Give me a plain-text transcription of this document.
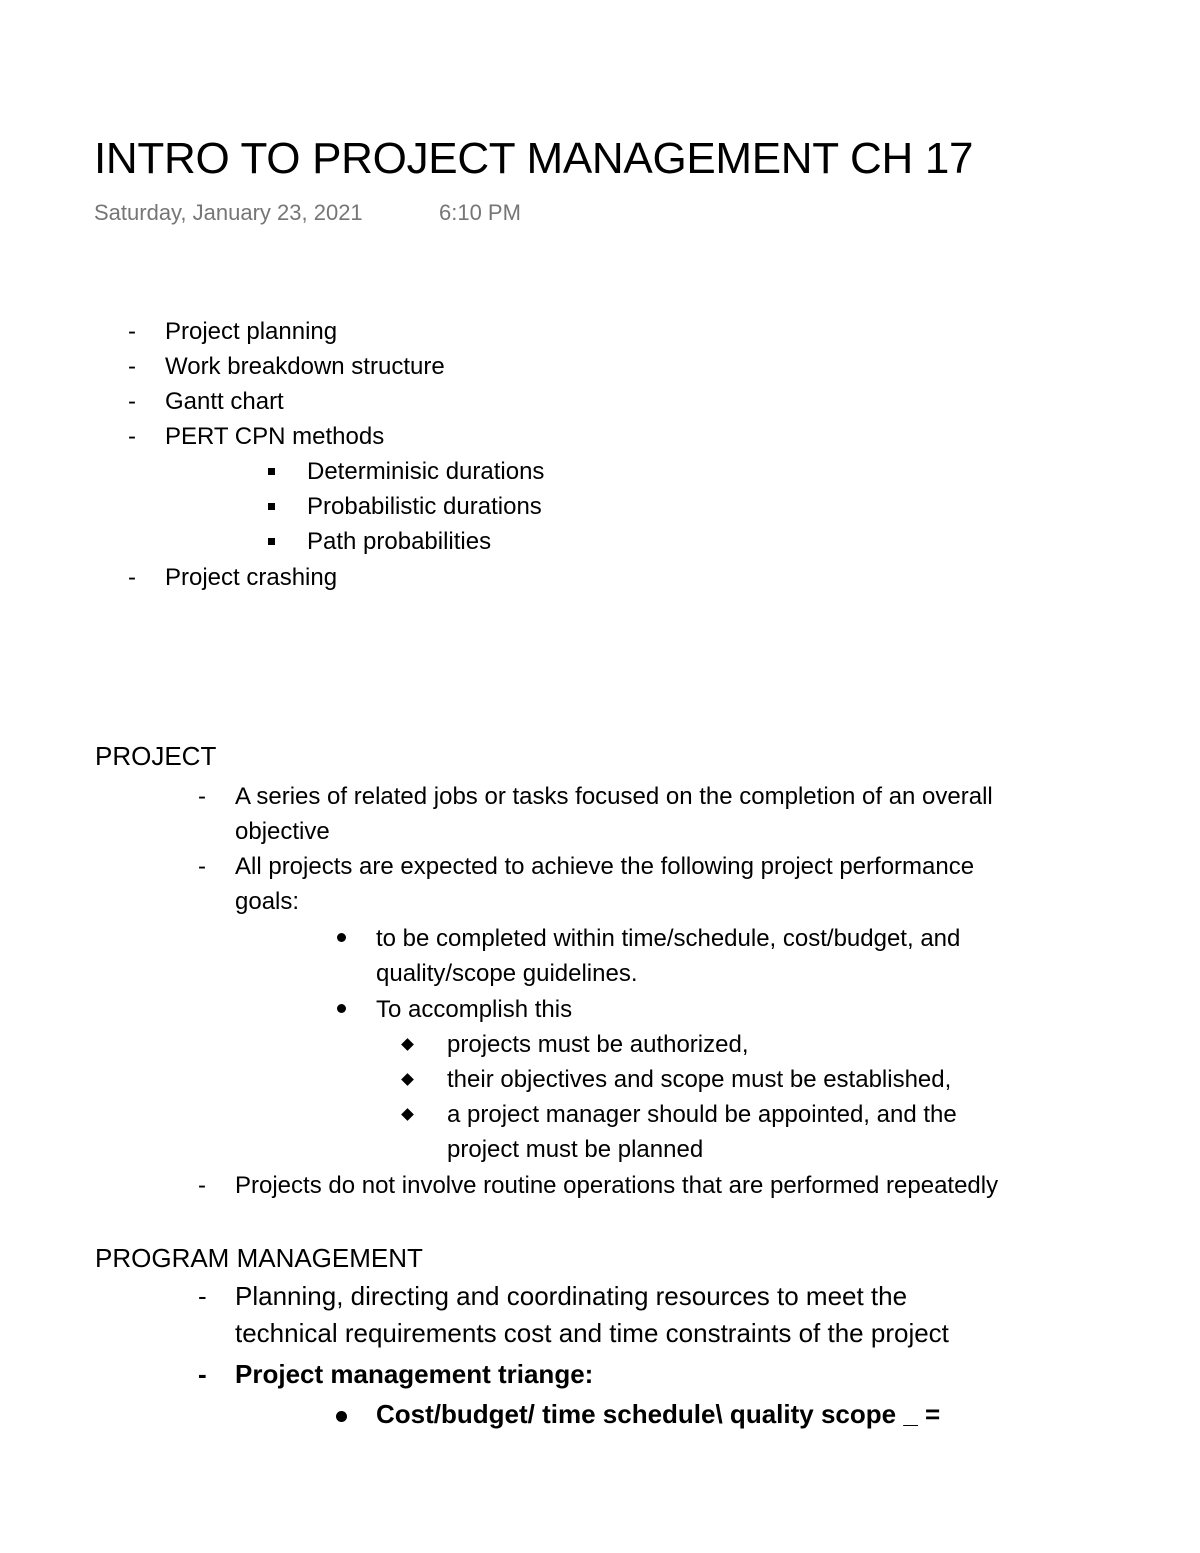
INTRO TO PROJECT MANAGEMENT CH 17
Saturday, January 23, 2021	6:10 PM
- Project planning
- Work breakdown structure
- Gantt chart
- PERT CPN methods
Determinisic durations
Probabilistic durations
Path probabilities
- Project crashing
PROJECT
- A series of related jobs or tasks focused on the completion of an overall
objective
- All projects are expected to achieve the following project performance
goals:
to be completed within time/schedule, cost/budget, and
quality/scope guidelines.
To accomplish this
projects must be authorized,
their objectives and scope must be established,
a project manager should be appointed, and the
project must be planned
- Projects do not involve routine operations that are performed repeatedly
PROGRAM MANAGEMENT
- Planning, directing and coordinating resources to meet the
technical requirements cost and time constraints of the project
- Project management triange:
Cost/budget/ time schedule\ quality scope _ =
